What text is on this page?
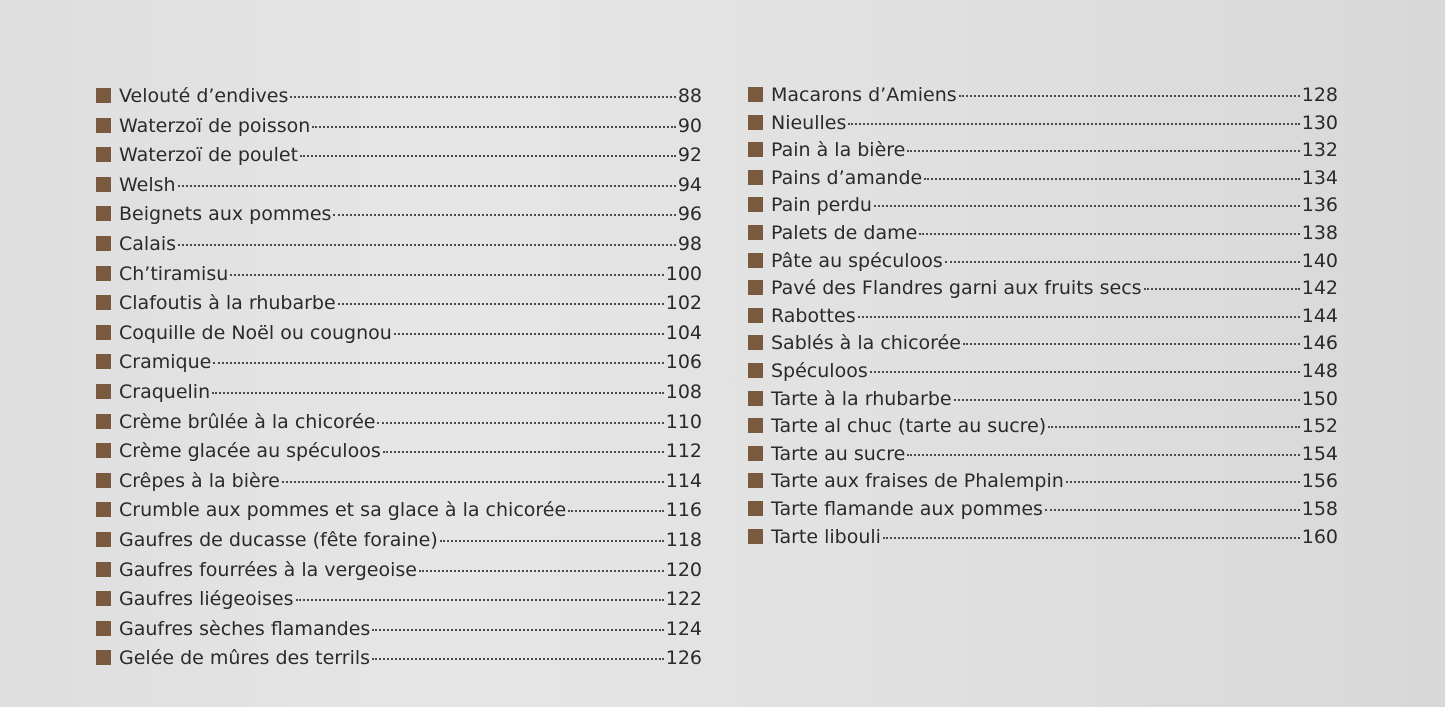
Velouté d’endives	88
Waterzoï de poisson	90
Waterzoï de poulet	92
Welsh	94
Beignets aux pommes	96
Calais	98
Ch’tiramisu	100
Clafoutis à la rhubarbe	102
Coquille de Noël ou cougnou	104
Cramique	106
Craquelin	108
Crème brûlée à la chicorée	110
Crème glacée au spéculoos	112
Crêpes à la bière	114
Crumble aux pommes et sa glace à la chicorée	116
Gaufres de ducasse (fête foraine)	118
Gaufres fourrées à la vergeoise	120
Gaufres liégeoises	122
Gaufres sèches flamandes	124
Gelée de mûres des terrils	126
Macarons d’Amiens	128
Nieulles	130
Pain à la bière	132
Pains d’amande	134
Pain perdu	136
Palets de dame	138
Pâte au spéculoos	140
Pavé des Flandres garni aux fruits secs	142
Rabottes	144
Sablés à la chicorée	146
Spéculoos	148
Tarte à la rhubarbe	150
Tarte al chuc (tarte au sucre)	152
Tarte au sucre	154
Tarte aux fraises de Phalempin	156
Tarte flamande aux pommes	158
Tarte libouli	160
